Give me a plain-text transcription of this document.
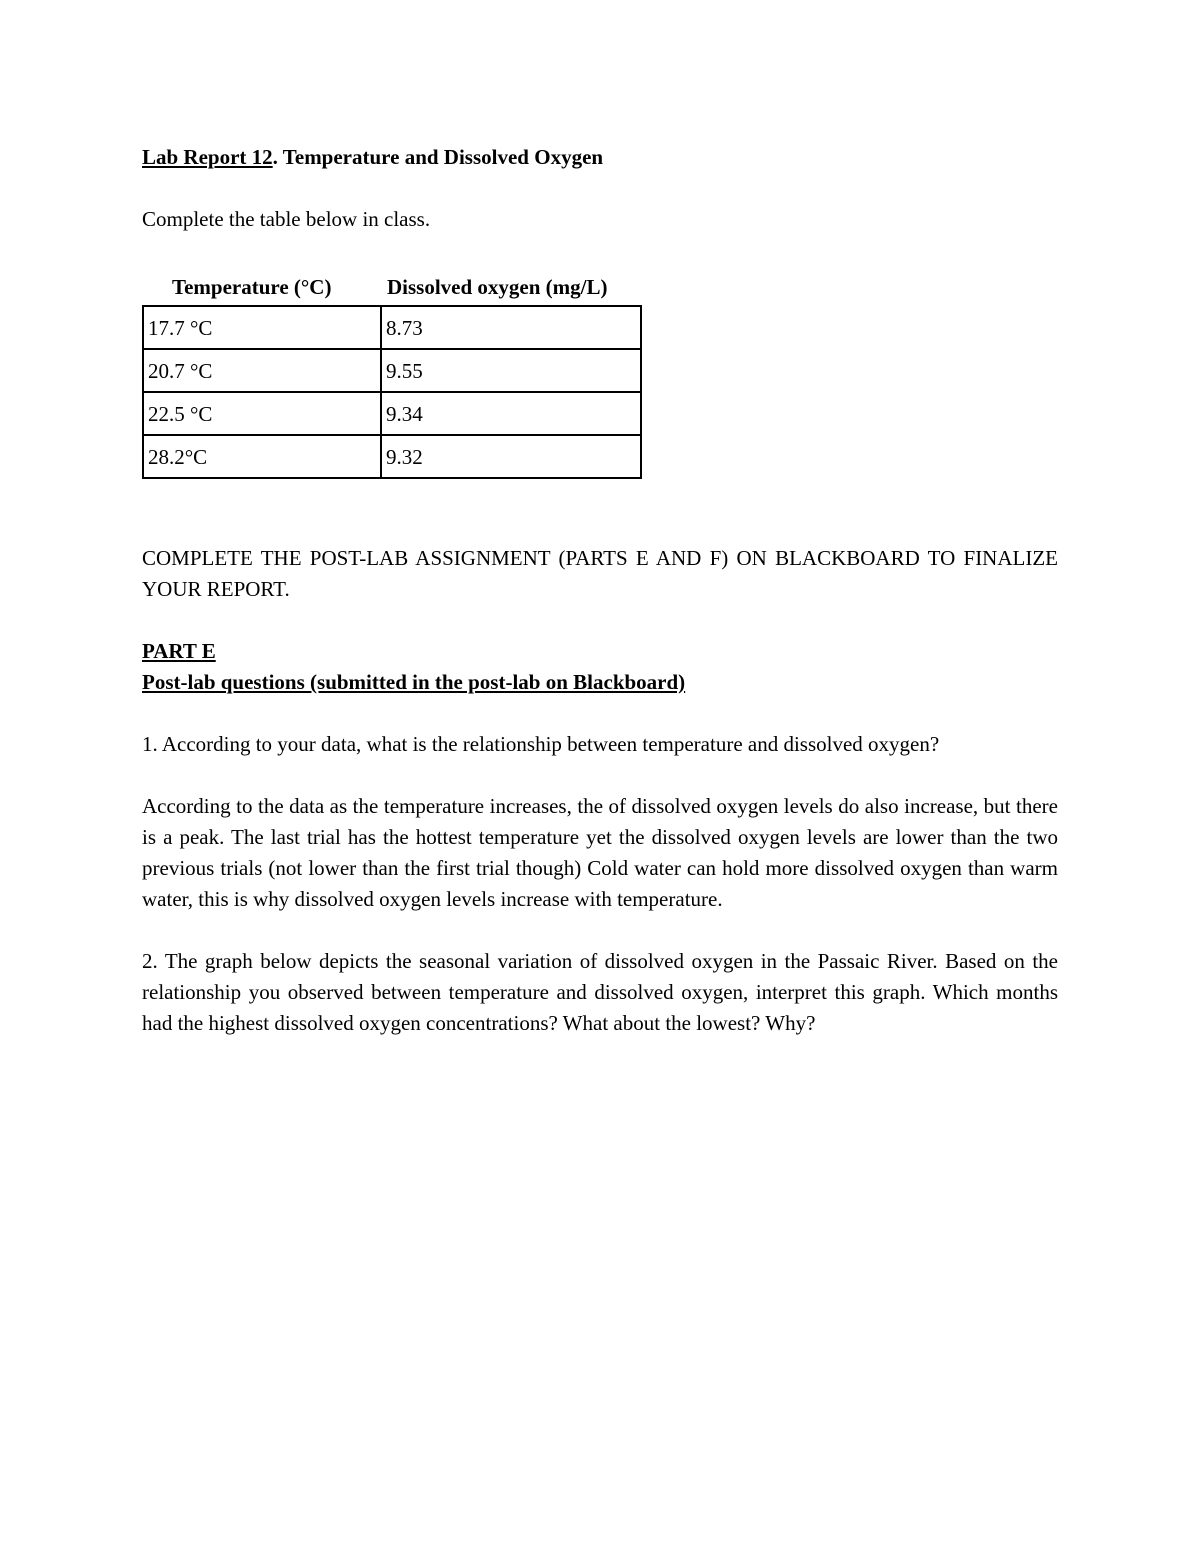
Lab Report 12. Temperature and Dissolved Oxygen

Complete the table below in class.

Temperature (°C)	Dissolved oxygen (mg/L)
17.7 °C	8.73
20.7 °C	9.55
22.5 °C	9.34
28.2°C	9.32

COMPLETE THE POST-LAB ASSIGNMENT (PARTS E AND F) ON BLACKBOARD TO FINALIZE YOUR REPORT.

PART E

Post-lab questions (submitted in the post-lab on Blackboard)

1. According to your data, what is the relationship between temperature and dissolved oxygen?

According to the data as the temperature increases, the of dissolved oxygen levels do also increase, but there is a peak. The last trial has the hottest temperature yet the dissolved oxygen levels are lower than the two previous trials (not lower than the first trial though) Cold water can hold more dissolved oxygen than warm water, this is why dissolved oxygen levels increase with temperature.

2. The graph below depicts the seasonal variation of dissolved oxygen in the Passaic River. Based on the relationship you observed between temperature and dissolved oxygen, interpret this graph. Which months had the highest dissolved oxygen concentrations? What about the lowest? Why?
